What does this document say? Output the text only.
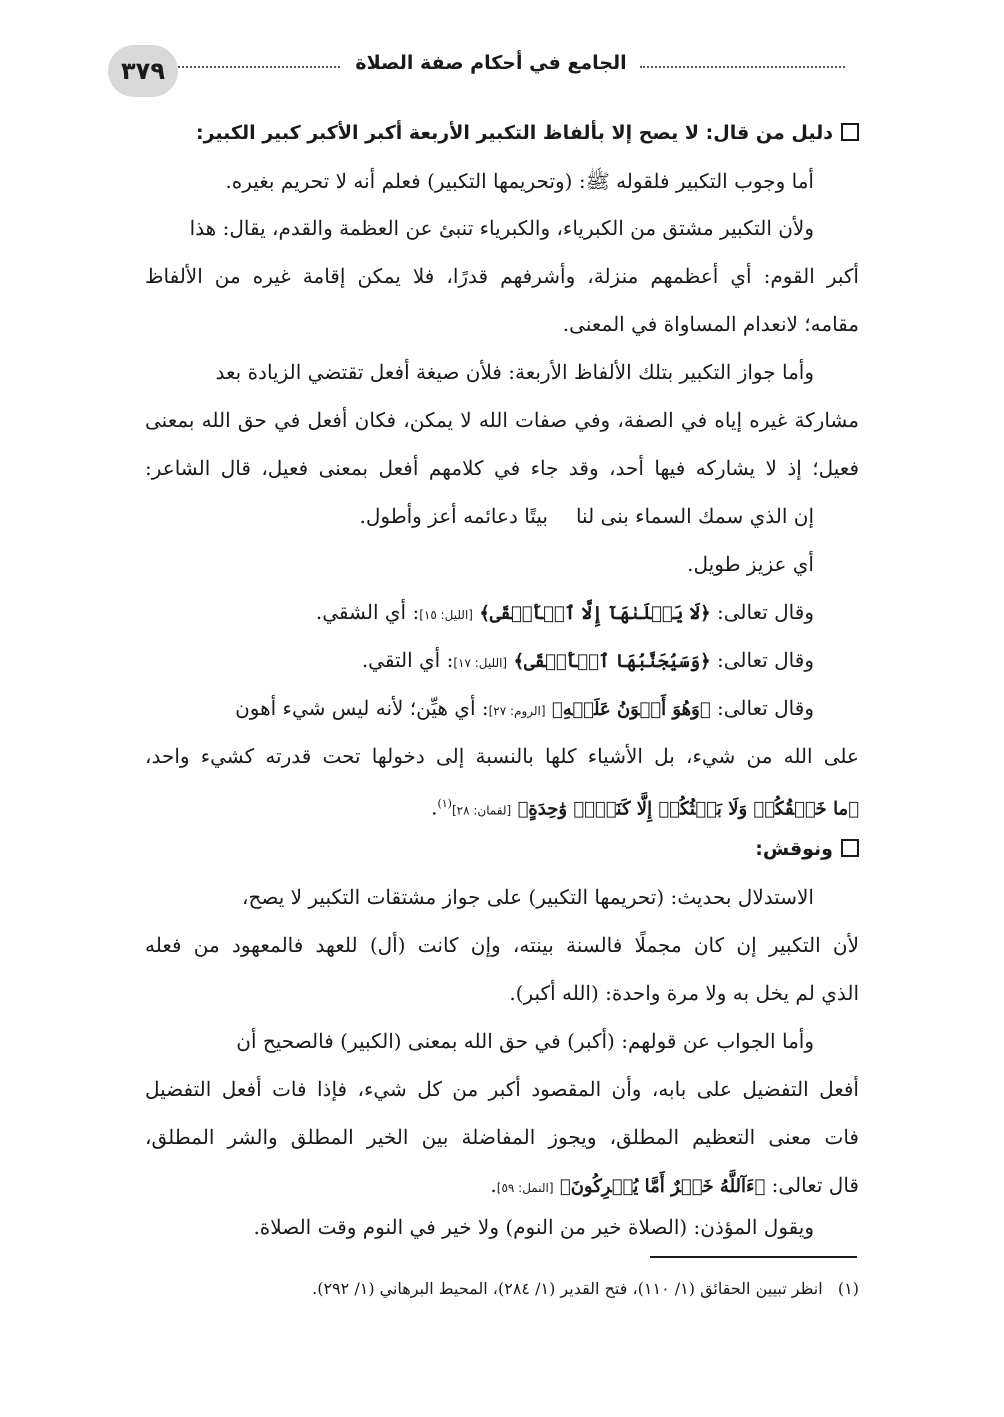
٣٧٩	الجامع في أحكام صفة الصلاة
دليل من قال: لا يصح إلا بألفاظ التكبير الأربعة أكبر الأكبر كبير الكبير:
أما وجوب التكبير فلقوله ﷺ: (وتحريمها التكبير) فعلم أنه لا تحريم بغيره.
ولأن التكبير مشتق من الكبرياء، والكبرياء تنبئ عن العظمة والقدم، يقال: هذا
أكبر القوم: أي أعظمهم منزلة، وأشرفهم قدرًا، فلا يمكن إقامة غيره من الألفاظ
مقامه؛ لانعدام المساواة في المعنى.
وأما جواز التكبير بتلك الألفاظ الأربعة: فلأن صيغة أفعل تقتضي الزيادة بعد
مشاركة غيره إياه في الصفة، وفي صفات الله لا يمكن، فكان أفعل في حق الله بمعنى
فعيل؛ إذ لا يشاركه فيها أحد، وقد جاء في كلامهم أفعل بمعنى فعيل، قال الشاعر:
إن الذي سمك السماء بنى لنابيتًا دعائمه أعز وأطول.
أي عزيز طويل.
وقال تعالى: ﴿لَا يَصۡلَىٰهَآ إِلَّا ٱلۡأَشۡقَى﴾ [الليل: ١٥]: أي الشقي.
وقال تعالى: ﴿وَسَيُجَنَّبُهَا ٱلۡأَتۡقَى﴾ [الليل: ١٧]: أي التقي.
وقال تعالى: ﴿وَهُوَ أَهۡوَنُ عَلَيۡهِ﴾ [الروم: ٢٧]: أي هيِّن؛ لأنه ليس شيء أهون
على الله من شيء، بل الأشياء كلها بالنسبة إلى دخولها تحت قدرته كشيء واحد،
﴿ما خَلۡقُكُمۡ وَلَا بَعۡثُكُمۡ إِلَّا كَنَفۡسٖ وَٰحِدَةٍ﴾ [لقمان: ٢٨]$^{(١)}$.
ونوقش:
الاستدلال بحديث: (تحريمها التكبير) على جواز مشتقات التكبير لا يصح،
لأن التكبير إن كان مجملًا فالسنة بينته، وإن كانت (أل) للعهد فالمعهود من فعله
الذي لم يخل به ولا مرة واحدة: (الله أكبر).
وأما الجواب عن قولهم: (أكبر) في حق الله بمعنى (الكبير) فالصحيح أن
أفعل التفضيل على بابه، وأن المقصود أكبر من كل شيء، فإذا فات أفعل التفضيل
فات معنى التعظيم المطلق، ويجوز المفاضلة بين الخير المطلق والشر المطلق،
قال تعالى: ﴿ءَآللَّهُ خَيۡرٌ أَمَّا يُشۡرِكُونَ﴾ [النمل: ٥٩].
ويقول المؤذن: (الصلاة خير من النوم) ولا خير في النوم وقت الصلاة.
(١)   انظر تبيين الحقائق (١/ ١١٠)، فتح القدير (١/ ٢٨٤)، المحيط البرهاني (١/ ٢٩٢).
